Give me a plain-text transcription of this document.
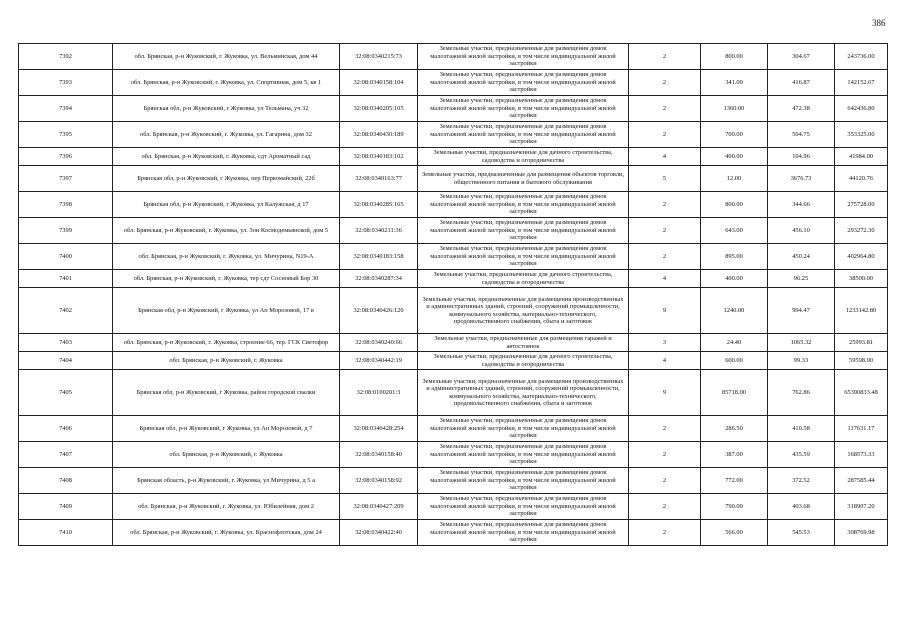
386
7392	обл. Брянская, р-н Жуковский, г. Жуковка, ул. Вельминская, дом 44	32:08:0340215:73	Земельные участки, предназначенные для размещения домов малоэтажной жилой застройки, в том числе индивидуальной жилой застройки	2	800.00	304.67	243736.00
7393	обл. Брянская, р-н Жуковский, г. Жуковка, ул. Спортивная, дом 5, кв 1	32:08:0340158:104	Земельные участки, предназначенные для размещения домов малоэтажной жилой застройки, в том числе индивидуальной жилой застройки	2	341.00	416.87	142152.67
7394	Брянская обл, р-н Жуковский, г Жуковка, ул Тельмана, уч 32	32:08:0340205:105	Земельные участки, предназначенные для размещения домов малоэтажной жилой застройки, в том числе индивидуальной жилой застройки	2	1360.00	472.38	642436.80
7395	обл. Брянская, р-н Жуковский, г. Жуковка, ул. Гагарина, дом 32	32:08:0340430:189	Земельные участки, предназначенные для размещения домов малоэтажной жилой застройки, в том числе индивидуальной жилой застройки	2	700.00	504.75	353325.00
7396	обл. Брянская, р-н Жуковский, г. Жуковка, сдт Ароматный сад	32:08:0340183:102	Земельные участки, предназначенные для дачного строительства, садоводства и огородничества	4	400.00	104.96	41984.00
7397	Брянская обл, р-н Жуковский, г Жуковка, пер Первомайский, 22б	32:08:0340163:77	Земельные участки, предназначенные для размещения объектов торговли, общественного питания и бытового обслуживания	5	12.00	3676.73	44120.76
7398	Брянская обл, р-н Жуковский, г Жуковка, ул Калужская, д 17	32:08:0340285:165	Земельные участки, предназначенные для размещения домов малоэтажной жилой застройки, в том числе индивидуальной жилой застройки	2	800.00	344.66	275728.00
7399	обл. Брянская, р-н Жуковский, г. Жуковка, ул. Зои Космодемьянской, дом 5	32:08:0340211:36	Земельные участки, предназначенные для размещения домов малоэтажной жилой застройки, в том числе индивидуальной жилой застройки	2	643.00	456.10	293272.30
7400	обл. Брянская, р-н Жуковский, г. Жуковка, ул. Мичурина, N19-А	32:08:0340183:158	Земельные участки, предназначенные для размещения домов малоэтажной жилой застройки, в том числе индивидуальной жилой застройки	2	895.00	450.24	402964.80
7401	обл. Брянская, р-н Жуковский, г. Жуковка, тер сдт Сосновый Бор 30	32:08:0340287:34	Земельные участки, предназначенные для дачного строительства, садоводства и огородничества	4	400.00	96.25	38500.00
7402	Брянская обл, р-н Жуковский, г Жуковка, ул Ап Морозовой, 17 в	32:08:0340426:120	Земельные участки, предназначенные для размещения производственных и административных зданий, строений, сооружений промышленности, коммунального хозяйства, материально-технического, продовольственного снабжения, сбыта и заготовок	9	1240.00	994.47	1233142.80
7403	обл. Брянская, р-н Жуковский, г. Жуковка, строение 66, тер. ГСК Светофор	32:08:0340240:66	Земельные участки, предназначенные для размещения гаражей и автостоянок	3	24.40	1065.32	25993.81
7404	обл. Брянская, р-н Жуковский, г. Жуковка	32:08:0340442:19	Земельные участки, предназначенные для дачного строительства, садоводства и огородничества	4	600.00	99.33	59598.00
7405	Брянская обл, р-н Жуковский, г Жуковка, район городской свалки	32:08:0100201:3	Земельные участки, предназначенные для размещения производственных и административных зданий, строений, сооружений промышленности, коммунального хозяйства, материально-технического, продовольственного снабжения, сбыта и заготовок	9	85718.00	762.86	65390833.48
7406	Брянская обл, р-н Жуковский, г Жуковка, ул Ап Морозовой, д 7	32:08:0340428:254	Земельные участки, предназначенные для размещения домов малоэтажной жилой застройки, в том числе индивидуальной жилой застройки	2	286.50	410.58	117631.17
7407	обл. Брянская, р-н Жуковский, г. Жуковка	32:08:0340158:40	Земельные участки, предназначенные для размещения домов малоэтажной жилой застройки, в том числе индивидуальной жилой застройки	2	387.00	435.59	168573.33
7408	Брянская область, р-н Жуковский, г. Жуковка, ул Мичурина, д 5 а	32:08:0340158:92	Земельные участки, предназначенные для размещения домов малоэтажной жилой застройки, в том числе индивидуальной жилой застройки	2	772.00	372.52	287585.44
7409	обл. Брянская, р-н Жуковский, г. Жуковка, ул. Юбилейная, дом 2	32:08:0340427:209	Земельные участки, предназначенные для размещения домов малоэтажной жилой застройки, в том числе индивидуальной жилой застройки	2	790.00	403.68	318907.20
7410	обл. Брянская, р-н Жуковский, г. Жуковка, ул. Краснофлотская, дом 24	32:08:0340422:40	Земельные участки, предназначенные для размещения домов малоэтажной жилой застройки, в том числе индивидуальной жилой застройки	2	566.00	545.53	308769.98
